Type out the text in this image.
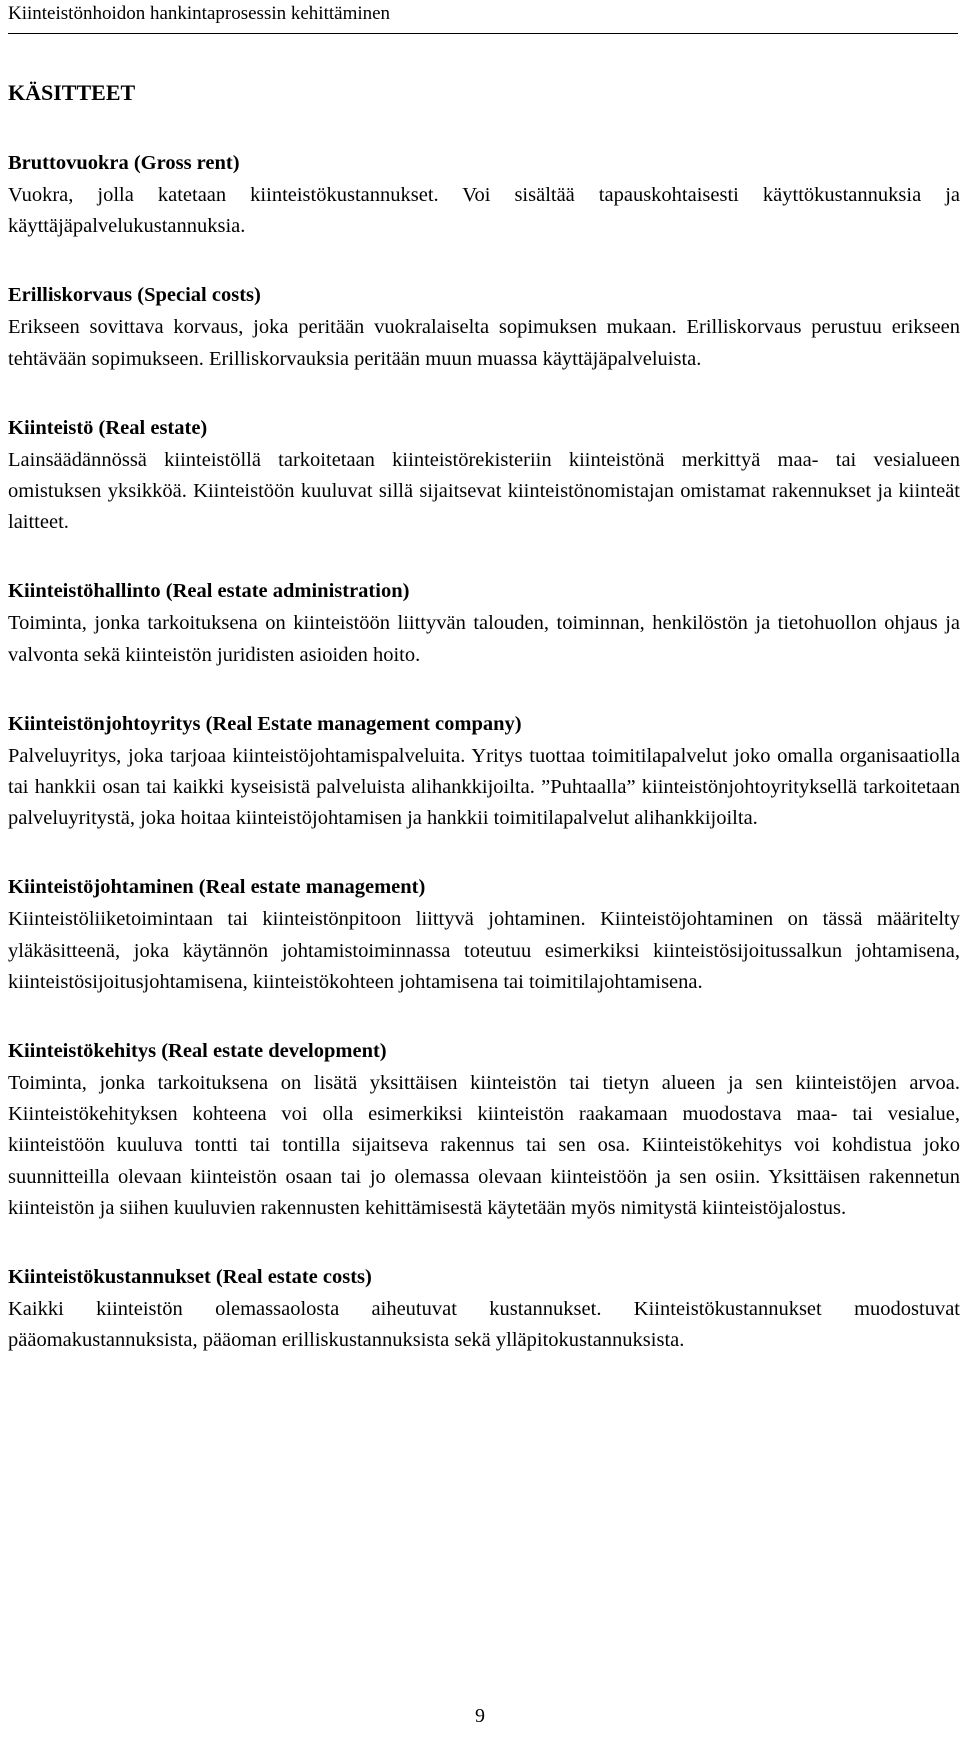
Kiinteistönhoidon hankintaprosessin kehittäminen
KÄSITTEET

Bruttovuokra (Gross rent)

Vuokra, jolla katetaan kiinteistökustannukset. Voi sisältää tapauskohtaisesti käyttökustannuksia ja käyttäjäpalvelukustannuksia.

Erilliskorvaus (Special costs)

Erikseen sovittava korvaus, joka peritään vuokralaiselta sopimuksen mukaan. Erilliskorvaus perustuu erikseen tehtävään sopimukseen. Erilliskorvauksia peritään muun muassa käyttäjäpalveluista.

Kiinteistö (Real estate)

Lainsäädännössä kiinteistöllä tarkoitetaan kiinteistörekisteriin kiinteistönä merkittyä maa- tai vesialueen omistuksen yksikköä. Kiinteistöön kuuluvat sillä sijaitsevat kiinteistönomistajan omistamat rakennukset ja kiinteät laitteet.

Kiinteistöhallinto (Real estate administration)

Toiminta, jonka tarkoituksena on kiinteistöön liittyvän talouden, toiminnan, henkilöstön ja tietohuollon ohjaus ja valvonta sekä kiinteistön juridisten asioiden hoito.

Kiinteistönjohtoyritys (Real Estate management company)

Palveluyritys, joka tarjoaa kiinteistöjohtamispalveluita. Yritys tuottaa toimitilapalvelut joko omalla organisaatiolla tai hankkii osan tai kaikki kyseisistä palveluista alihankkijoilta. ”Puhtaalla” kiinteistönjohtoyrityksellä tarkoitetaan palveluyritystä, joka hoitaa kiinteistöjohtamisen ja hankkii toimitilapalvelut alihankkijoilta.

Kiinteistöjohtaminen (Real estate management)

Kiinteistöliiketoimintaan tai kiinteistönpitoon liittyvä johtaminen. Kiinteistöjohtaminen on tässä määritelty yläkäsitteenä, joka käytännön johtamistoiminnassa toteutuu esimerkiksi kiinteistösijoitussalkun johtamisena, kiinteistösijoitusjohtamisena, kiinteistökohteen johtamisena tai toimitilajohtamisena.

Kiinteistökehitys (Real estate development)

Toiminta, jonka tarkoituksena on lisätä yksittäisen kiinteistön tai tietyn alueen ja sen kiinteistöjen arvoa. Kiinteistökehityksen kohteena voi olla esimerkiksi kiinteistön raakamaan muodostava maa- tai vesialue, kiinteistöön kuuluva tontti tai tontilla sijaitseva rakennus tai sen osa. Kiinteistökehitys voi kohdistua joko suunnitteilla olevaan kiinteistön osaan tai jo olemassa olevaan kiinteistöön ja sen osiin. Yksittäisen rakennetun kiinteistön ja siihen kuuluvien rakennusten kehittämisestä käytetään myös nimitystä kiinteistöjalostus.

Kiinteistökustannukset (Real estate costs)

Kaikki kiinteistön olemassaolosta aiheutuvat kustannukset. Kiinteistökustannukset muodostuvat pääomakustannuksista, pääoman erilliskustannuksista sekä ylläpitokustannuksista.

9
